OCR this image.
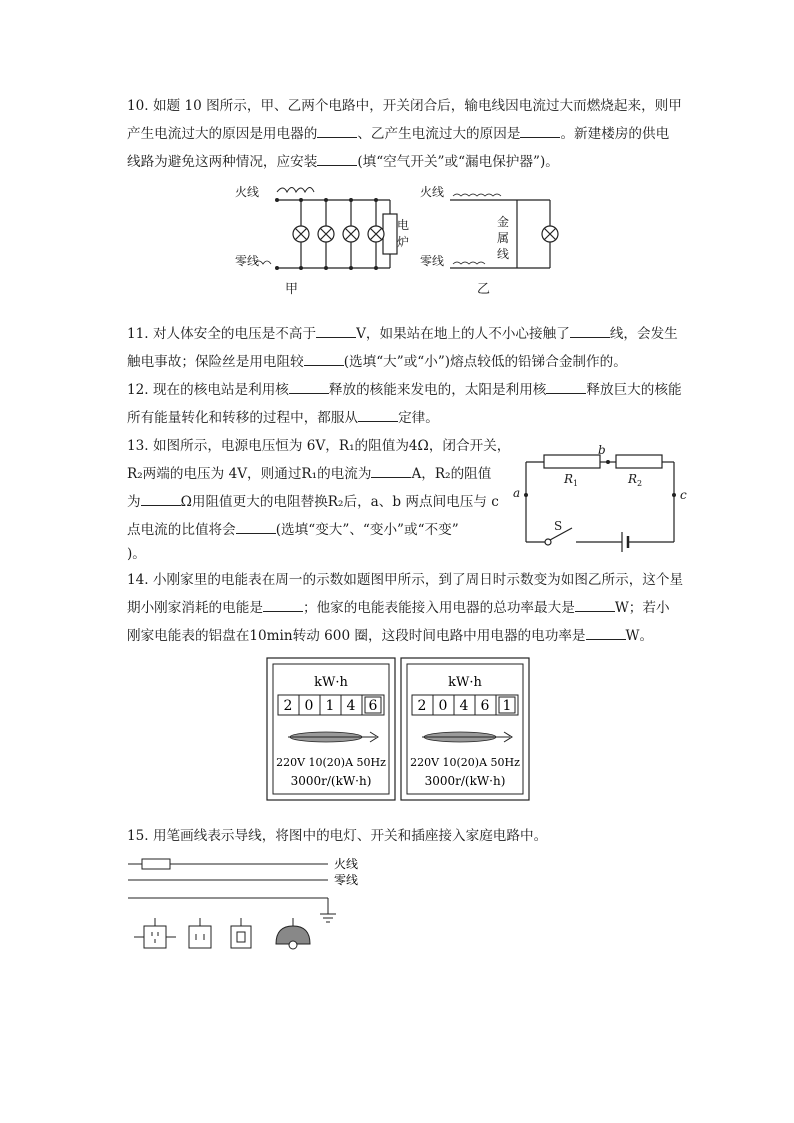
10. 如题 10 图所示，甲、乙两个电路中，开关闭合后，输电线因电流过大而燃烧起来，则甲
产生电流过大的原因是用电器的	、乙产生电流过大的原因是	。新建楼房的供电
线路为避免这两种情况，应安装	(填“空气开关”或“漏电保护器”)。
火线
零线
电
炉
甲
火线
零线
金
属
线
乙
11. 对人体安全的电压是不高于	V，如果站在地上的人不小心接触了	线，会发生
触电事故；保险丝是用电阻较	(选填“大”或“小”)熔点较低的铅锑合金制作的。
12. 现在的核电站是利用核	释放的核能来发电的，太阳是利用核	释放巨大的核能
所有能量转化和转移的过程中，都服从	定律。
13. 如图所示，电源电压恒为 6V，R₁的阻值为4Ω，闭合开关，
R₂两端的电压为 4V，则通过R₁的电流为	A，R₂的阻值
为	Ω用阻值更大的电阻替换R₂后，a、b 两点间电压与 c
点电流的比值将会	(选填“变大”、“变小”或“不变”
)。
b
a	c
R 1	R 2
S
14. 小刚家里的电能表在周一的示数如题图甲所示，到了周日时示数变为如图乙所示，这个星
期小刚家消耗的电能是	；他家的电能表能接入用电器的总功率最大是	W；若小
刚家电能表的铝盘在10min转动 600 圈，这段时间电路中用电器的电功率是	W。
kW·h
2 0 1 4 6
220V 10(20)A 50Hz
3000r/(kW·h)
kW·h
2 0 4 6 1
220V 10(20)A 50Hz
3000r/(kW·h)
15. 用笔画线表示导线，将图中的电灯、开关和插座接入家庭电路中。
火线
零线
